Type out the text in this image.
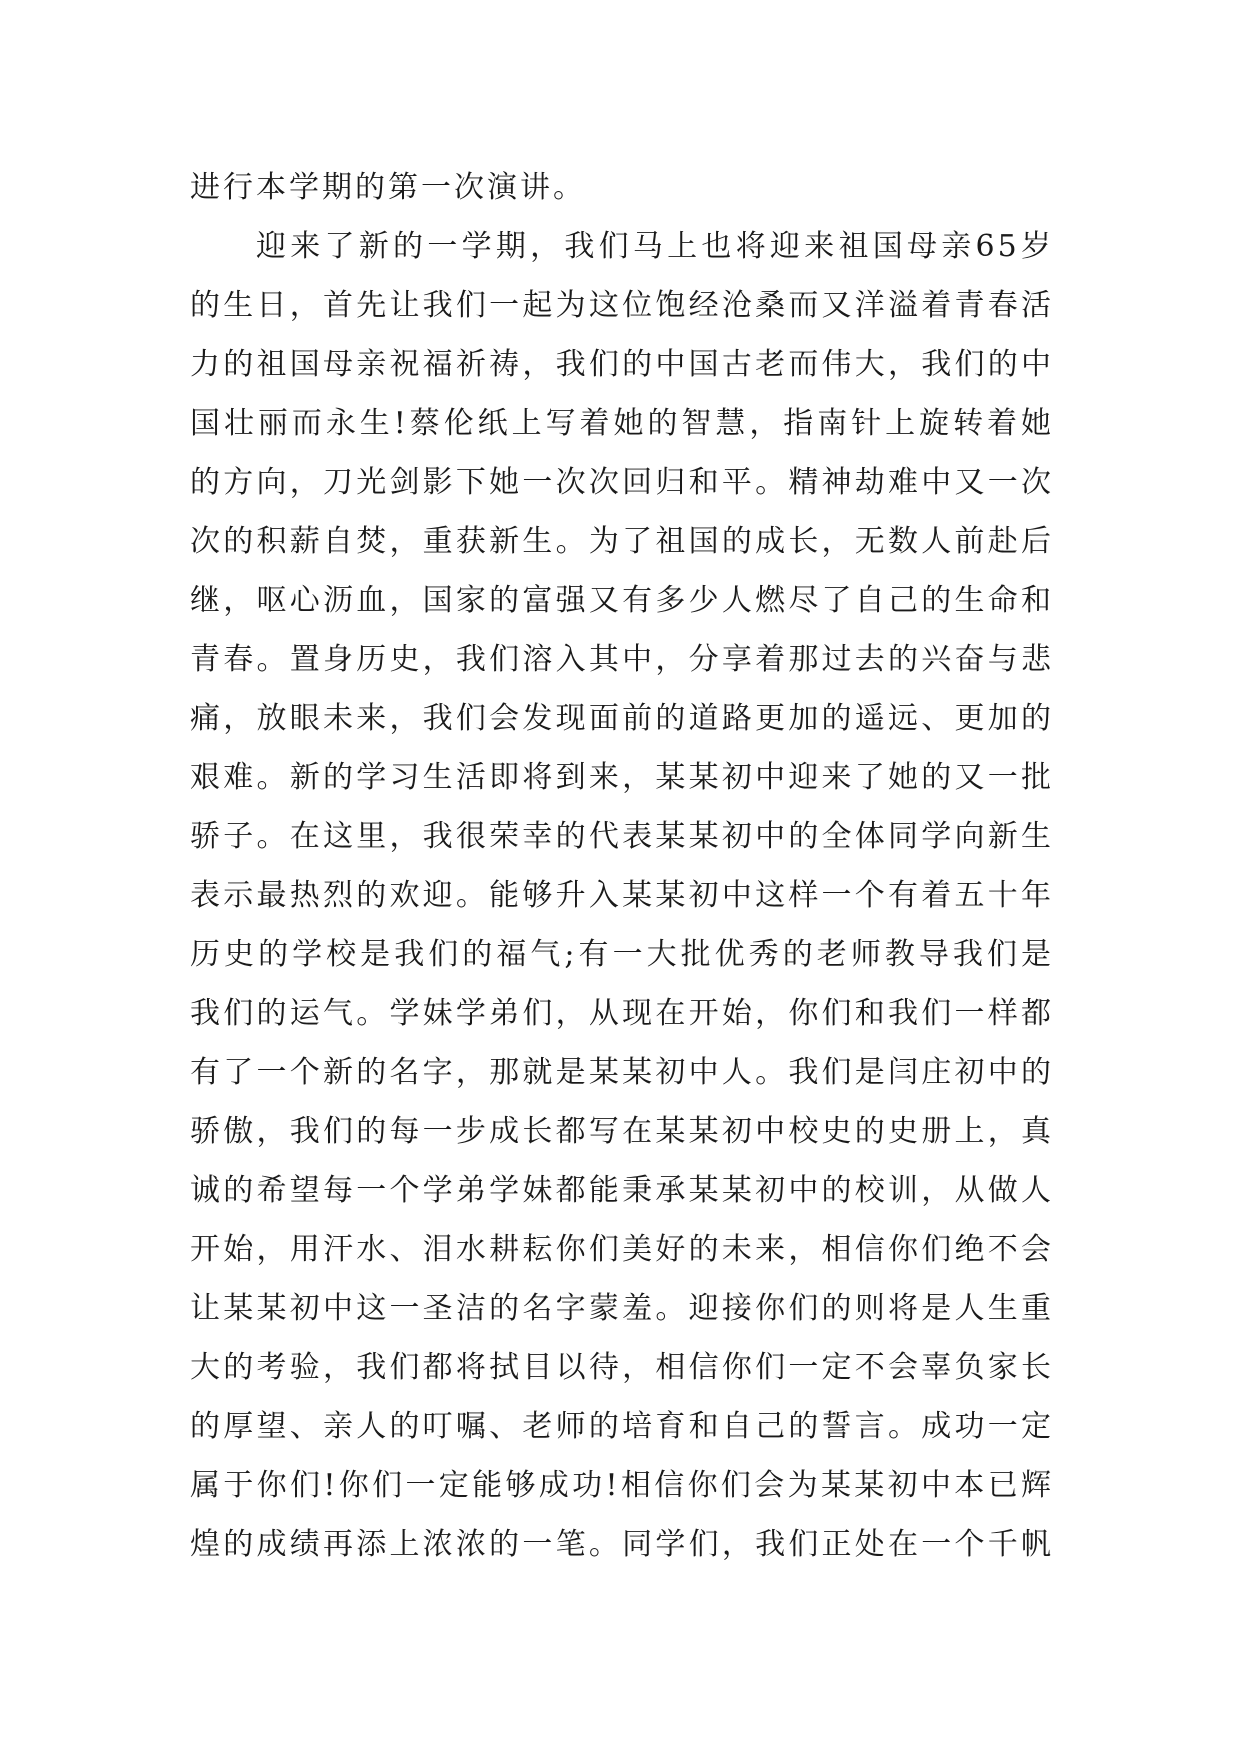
进行本学期的第一次演讲。
迎来了新的一学期，我们马上也将迎来祖国母亲65岁
的生日，首先让我们一起为这位饱经沧桑而又洋溢着青春活
力的祖国母亲祝福祈祷，我们的中国古老而伟大，我们的中
国壮丽而永生!蔡伦纸上写着她的智慧，指南针上旋转着她
的方向，刀光剑影下她一次次回归和平。精神劫难中又一次
次的积薪自焚，重获新生。为了祖国的成长，无数人前赴后
继，呕心沥血，国家的富强又有多少人燃尽了自己的生命和
青春。置身历史，我们溶入其中，分享着那过去的兴奋与悲
痛，放眼未来，我们会发现面前的道路更加的遥远、更加的
艰难。新的学习生活即将到来，某某初中迎来了她的又一批
骄子。在这里，我很荣幸的代表某某初中的全体同学向新生
表示最热烈的欢迎。能够升入某某初中这样一个有着五十年
历史的学校是我们的福气;有一大批优秀的老师教导我们是
我们的运气。学妹学弟们，从现在开始，你们和我们一样都
有了一个新的名字，那就是某某初中人。我们是闫庄初中的
骄傲，我们的每一步成长都写在某某初中校史的史册上，真
诚的希望每一个学弟学妹都能秉承某某初中的校训，从做人
开始，用汗水、泪水耕耘你们美好的未来，相信你们绝不会
让某某初中这一圣洁的名字蒙羞。迎接你们的则将是人生重
大的考验，我们都将拭目以待，相信你们一定不会辜负家长
的厚望、亲人的叮嘱、老师的培育和自己的誓言。成功一定
属于你们!你们一定能够成功!相信你们会为某某初中本已辉
煌的成绩再添上浓浓的一笔。同学们，我们正处在一个千帆
